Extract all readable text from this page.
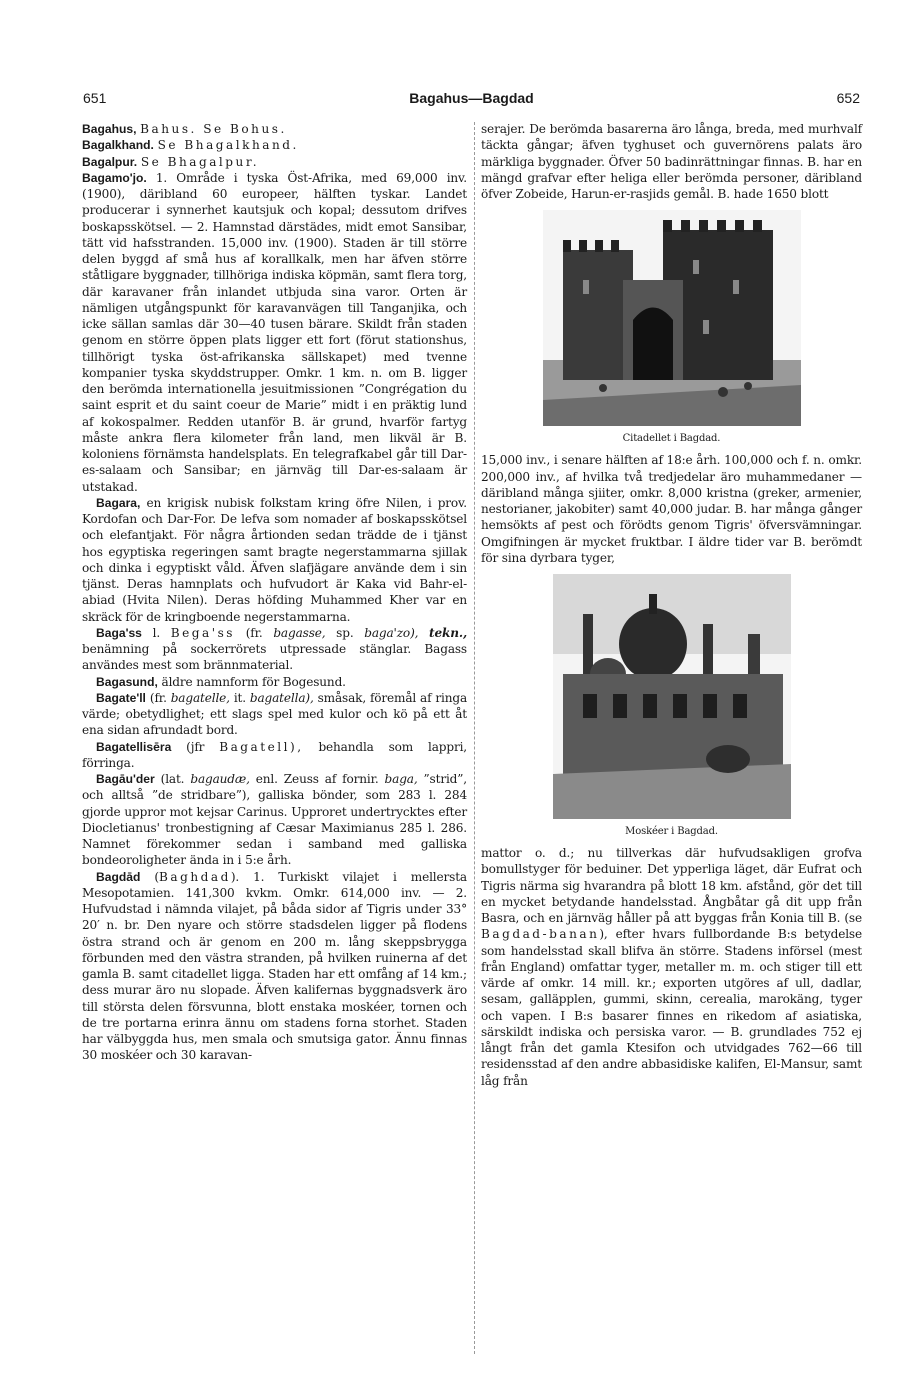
651	Bagahus—Bagdad	652

Bagahus, Bahus. Se Bohus.

Bagalkhand. Se Bhagalkhand.

Bagalpur. Se Bhagalpur.

Bagamo'jo. 1. Område i tyska Öst-Afrika, med 69,000 inv. (1900), däribland 60 europeer, hälften tyskar. Landet producerar i synnerhet kautsjuk och kopal; dessutom drifves boskapsskötsel. — 2. Hamnstad därstädes, midt emot Sansibar, tätt vid hafsstranden. 15,000 inv. (1900). Staden är till större delen byggd af små hus af korallkalk, men har äfven större ståtligare byggnader, tillhöriga indiska köpmän, samt flera torg, där karavaner från inlandet utbjuda sina varor. Orten är nämligen utgångspunkt för karavanvägen till Tanganjika, och icke sällan samlas där 30—40 tusen bärare. Skildt från staden genom en större öppen plats ligger ett fort (förut stationshus, tillhörigt tyska öst-afrikanska sällskapet) med tvenne kompanier tyska skyddstrupper. Omkr. 1 km. n. om B. ligger den berömda internationella jesuitmissionen ”Congrégation du saint esprit et du saint coeur de Marie” midt i en präktig lund af kokospalmer. Redden utanför B. är grund, hvarför fartyg måste ankra flera kilometer från land, men likväl är B. koloniens förnämsta handelsplats. En telegrafkabel går till Dar-es-salaam och Sansibar; en järnväg till Dar-es-salaam är utstakad.

Bagara, en krigisk nubisk folkstam kring öfre Nilen, i prov. Kordofan och Dar-For. De lefva som nomader af boskapsskötsel och elefantjakt. För några årtionden sedan trädde de i tjänst hos egyptiska regeringen samt bragte negerstammarna sjillak och dinka i egyptiskt våld. Äfven slafjägare använde dem i sin tjänst. Deras hamnplats och hufvudort är Kaka vid Bahr-el-abiad (Hvita Nilen). Deras höfding Muhammed Kher var en skräck för de kringboende negerstammarna.

Baga'ss l. Bega'ss (fr. bagasse, sp. baga'zo), tekn., benämning på sockerrörets utpressade stänglar. Bagass användes mest som brännmaterial.

Bagasund, äldre namnform för Bogesund.

Bagate'll (fr. bagatelle, it. bagatella), småsak, föremål af ringa värde; obetydlighet; ett slags spel med kulor och kö på ett åt ena sidan afrundadt bord.

Bagatellisēra (jfr Bagatell), behandla som lappri, förringa.

Bagāu'der (lat. bagaudæ, enl. Zeuss af fornir. baga, ”strid”, och alltså ”de stridbare”), galliska bönder, som 283 l. 284 gjorde uppror mot kejsar Carinus. Upproret undertrycktes efter Diocletianus' tronbestigning af Cæsar Maximianus 285 l. 286. Namnet förekommer sedan i samband med galliska bondeoroligheter ända in i 5:e årh.

Bagdād (Baghdad). 1. Turkiskt vilajet i mellersta Mesopotamien. 141,300 kvkm. Omkr. 614,000 inv. — 2. Hufvudstad i nämnda vilajet, på båda sidor af Tigris under 33° 20′ n. br. Den nyare och större stadsdelen ligger på flodens östra strand och är genom en 200 m. lång skeppsbrygga förbunden med den västra stranden, på hvilken ruinerna af det gamla B. samt citadellet ligga. Staden har ett omfång af 14 km.; dess murar äro nu slopade. Äfven kalifernas byggnadsverk äro till största delen försvunna, blott enstaka moskéer, tornen och de tre portarna erinra ännu om stadens forna storhet. Staden har välbyggda hus, men smala och smutsiga gator. Ännu finnas 30 moskéer och 30 karavan-

serajer. De berömda basarerna äro långa, breda, med murhvalf täckta gångar; äfven tyghuset och guvernörens palats äro märkliga byggnader. Öfver 50 badinrättningar finnas. B. har en mängd grafvar efter heliga eller berömda personer, däribland öfver Zobeide, Harun-er-rasjids gemål. B. hade 1650 blott

Citadellet i Bagdad.

15,000 inv., i senare hälften af 18:e årh. 100,000 och f. n. omkr. 200,000 inv., af hvilka två tredjedelar äro muhammedaner — däribland många sjiiter, omkr. 8,000 kristna (greker, armenier, nestorianer, jakobiter) samt 40,000 judar. B. har många gånger hemsökts af pest och förödts genom Tigris' öfversvämningar. Omgifningen är mycket fruktbar. I äldre tider var B. berömdt för sina dyrbara tyger,

Moskéer i Bagdad.

mattor o. d.; nu tillverkas där hufvudsakligen grofva bomullstyger för beduiner. Det ypperliga läget, där Eufrat och Tigris närma sig hvarandra på blott 18 km. afstånd, gör det till en mycket betydande handelsstad. Ångbåtar gå dit upp från Basra, och en järnväg håller på att byggas från Konia till B. (se Bagdad-banan), efter hvars fullbordande B:s betydelse som handelsstad skall blifva än större. Stadens införsel (mest från England) omfattar tyger, metaller m. m. och stiger till ett värde af omkr. 14 mill. kr.; exporten utgöres af ull, dadlar, sesam, galläpplen, gummi, skinn, cerealia, marokäng, tyger och vapen. I B:s basarer finnes en rikedom af asiatiska, särskildt indiska och persiska varor. — B. grundlades 752 ej långt från det gamla Ktesifon och utvidgades 762—66 till residensstad af den andre abbasidiske kalifen, El-Mansur, samt låg från
